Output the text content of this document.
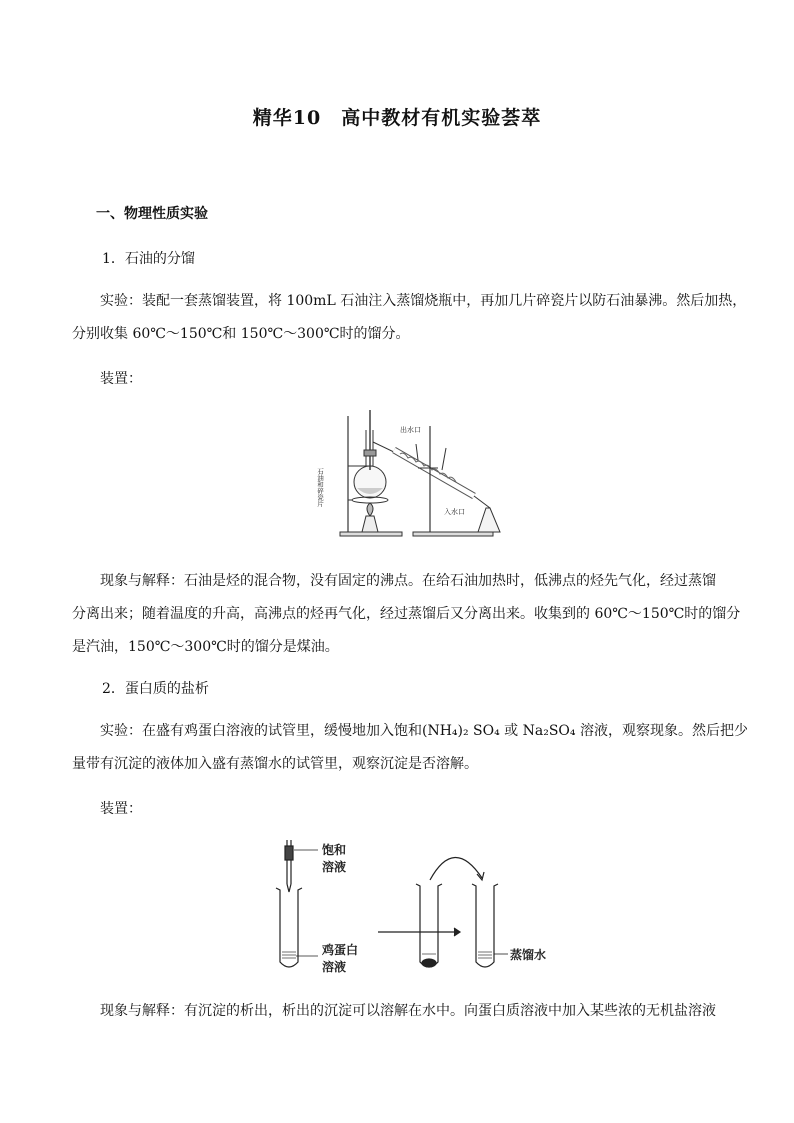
精华10　高中教材有机实验荟萃
一、物理性质实验
1．石油的分馏
实验：装配一套蒸馏装置，将 100mL 石油注入蒸馏烧瓶中，再加几片碎瓷片以防石油暴沸。然后加热，
分别收集 60℃～150℃和 150℃～300℃时的馏分。
装置：
出水口
入水口
石油和碎瓷片
现象与解释：石油是烃的混合物，没有固定的沸点。在给石油加热时，低沸点的烃先气化，经过蒸馏
分离出来；随着温度的升高，高沸点的烃再气化，经过蒸馏后又分离出来。收集到的 60℃～150℃时的馏分
是汽油，150℃～300℃时的馏分是煤油。
2．蛋白质的盐析
实验：在盛有鸡蛋白溶液的试管里，缓慢地加入饱和(NH₄)₂ SO₄ 或 Na₂SO₄ 溶液，观察现象。然后把少
量带有沉淀的液体加入盛有蒸馏水的试管里，观察沉淀是否溶解。
装置：
饱和
溶液
鸡蛋白
溶液
蒸馏水
现象与解释：有沉淀的析出，析出的沉淀可以溶解在水中。向蛋白质溶液中加入某些浓的无机盐溶液
